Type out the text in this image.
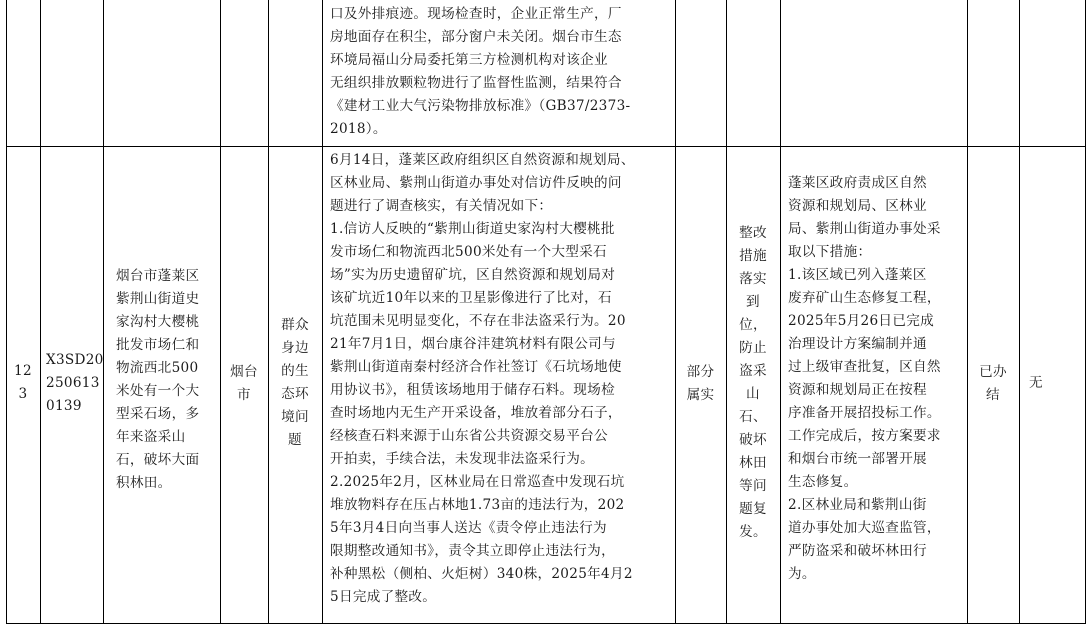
口及外排痕迹。现场检查时，企业正常生产，厂
房地面存在积尘，部分窗户未关闭。烟台市生态
环境局福山分局委托第三方检测机构对该企业
无组织排放颗粒物进行了监督性监测，结果符合
《建材工业大气污染物排放标准》（GB37/2373-
2018）。
12
3
X3SD20
250613
0139
烟台市蓬莱区
紫荆山街道史
家沟村大樱桃
批发市场仁和
物流西北500
米处有一个大
型采石场，多
年来盗采山
石，破坏大面
积林田。
烟台
市
群众
身边
的生
态环
境问
题
6月14日，蓬莱区政府组织区自然资源和规划局、
区林业局、紫荆山街道办事处对信访件反映的问
题进行了调查核实，有关情况如下：
1.信访人反映的“紫荆山街道史家沟村大樱桃批
发市场仁和物流西北500米处有一个大型采石
场”实为历史遗留矿坑，区自然资源和规划局对
该矿坑近10年以来的卫星影像进行了比对，石
坑范围未见明显变化，不存在非法盗采行为。20
21年7月1日，烟台康谷沣建筑材料有限公司与
紫荆山街道南秦村经济合作社签订《石坑场地使
用协议书》，租赁该场地用于储存石料。现场检
查时场地内无生产开采设备，堆放着部分石子，
经核查石料来源于山东省公共资源交易平台公
开拍卖，手续合法，未发现非法盗采行为。
2.2025年2月，区林业局在日常巡查中发现石坑
堆放物料存在压占林地1.73亩的违法行为，202
5年3月4日向当事人送达《责令停止违法行为
限期整改通知书》，责令其立即停止违法行为，
补种黑松（侧柏、火炬树）340株，2025年4月2
5日完成了整改。
部分
属实
整改
措施
落实
到
位，
防止
盗采
山
石、
破坏
林田
等问
题复
发。
蓬莱区政府责成区自然
资源和规划局、区林业
局、紫荆山街道办事处采
取以下措施：
1.该区域已列入蓬莱区
废弃矿山生态修复工程，
2025年5月26日已完成
治理设计方案编制并通
过上级审查批复，区自然
资源和规划局正在按程
序准备开展招投标工作。
工作完成后，按方案要求
和烟台市统一部署开展
生态修复。
2.区林业局和紫荆山街
道办事处加大巡查监管，
严防盗采和破坏林田行
为。
已办
结
无
